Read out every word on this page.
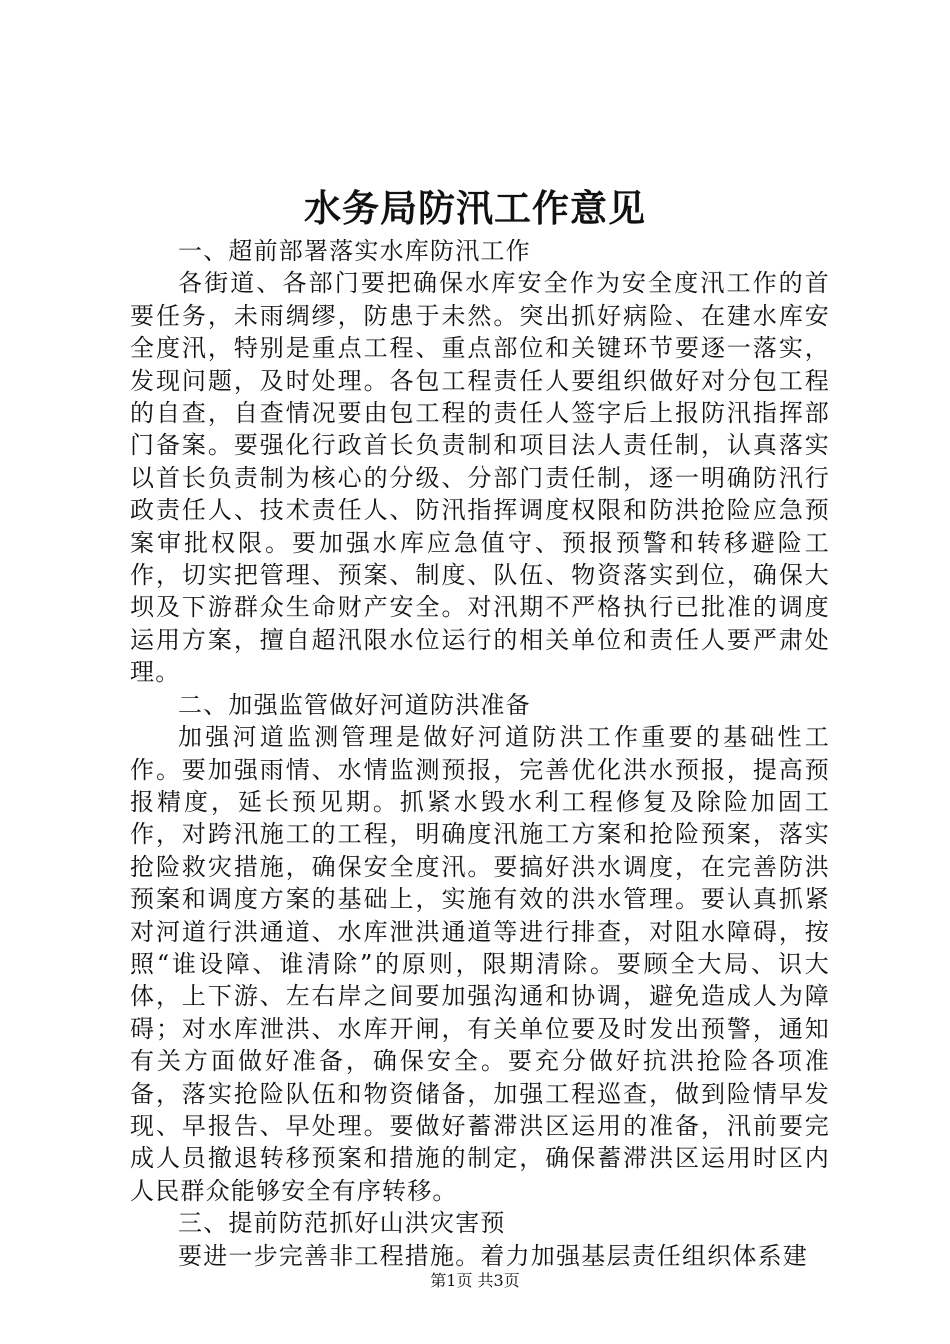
水务局防汛工作意见

一、超前部署落实水库防汛工作

各街道、各部门要把确保水库安全作为安全度汛工作的首要任务，未雨绸缪，防患于未然。突出抓好病险、在建水库安全度汛，特别是重点工程、重点部位和关键环节要逐一落实，发现问题，及时处理。各包工程责任人要组织做好对分包工程的自查，自查情况要由包工程的责任人签字后上报防汛指挥部门备案。要强化行政首长负责制和项目法人责任制，认真落实以首长负责制为核心的分级、分部门责任制，逐一明确防汛行政责任人、技术责任人、防汛指挥调度权限和防洪抢险应急预案审批权限。要加强水库应急值守、预报预警和转移避险工作，切实把管理、预案、制度、队伍、物资落实到位，确保大坝及下游群众生命财产安全。对汛期不严格执行已批准的调度运用方案，擅自超汛限水位运行的相关单位和责任人要严肃处理。

二、加强监管做好河道防洪准备

加强河道监测管理是做好河道防洪工作重要的基础性工作。要加强雨情、水情监测预报，完善优化洪水预报，提高预报精度，延长预见期。抓紧水毁水利工程修复及除险加固工作，对跨汛施工的工程，明确度汛施工方案和抢险预案，落实抢险救灾措施，确保安全度汛。要搞好洪水调度，在完善防洪预案和调度方案的基础上，实施有效的洪水管理。要认真抓紧对河道行洪通道、水库泄洪通道等进行排查，对阻水障碍，按照“谁设障、谁清除”的原则，限期清除。要顾全大局、识大体，上下游、左右岸之间要加强沟通和协调，避免造成人为障碍；对水库泄洪、水库开闸，有关单位要及时发出预警，通知有关方面做好准备，确保安全。要充分做好抗洪抢险各项准备，落实抢险队伍和物资储备，加强工程巡查，做到险情早发现、早报告、早处理。要做好蓄滞洪区运用的准备，汛前要完成人员撤退转移预案和措施的制定，确保蓄滞洪区运用时区内人民群众能够安全有序转移。

三、提前防范抓好山洪灾害预

要进一步完善非工程措施。着力加强基层责任组织体系建

第1页 共3页
